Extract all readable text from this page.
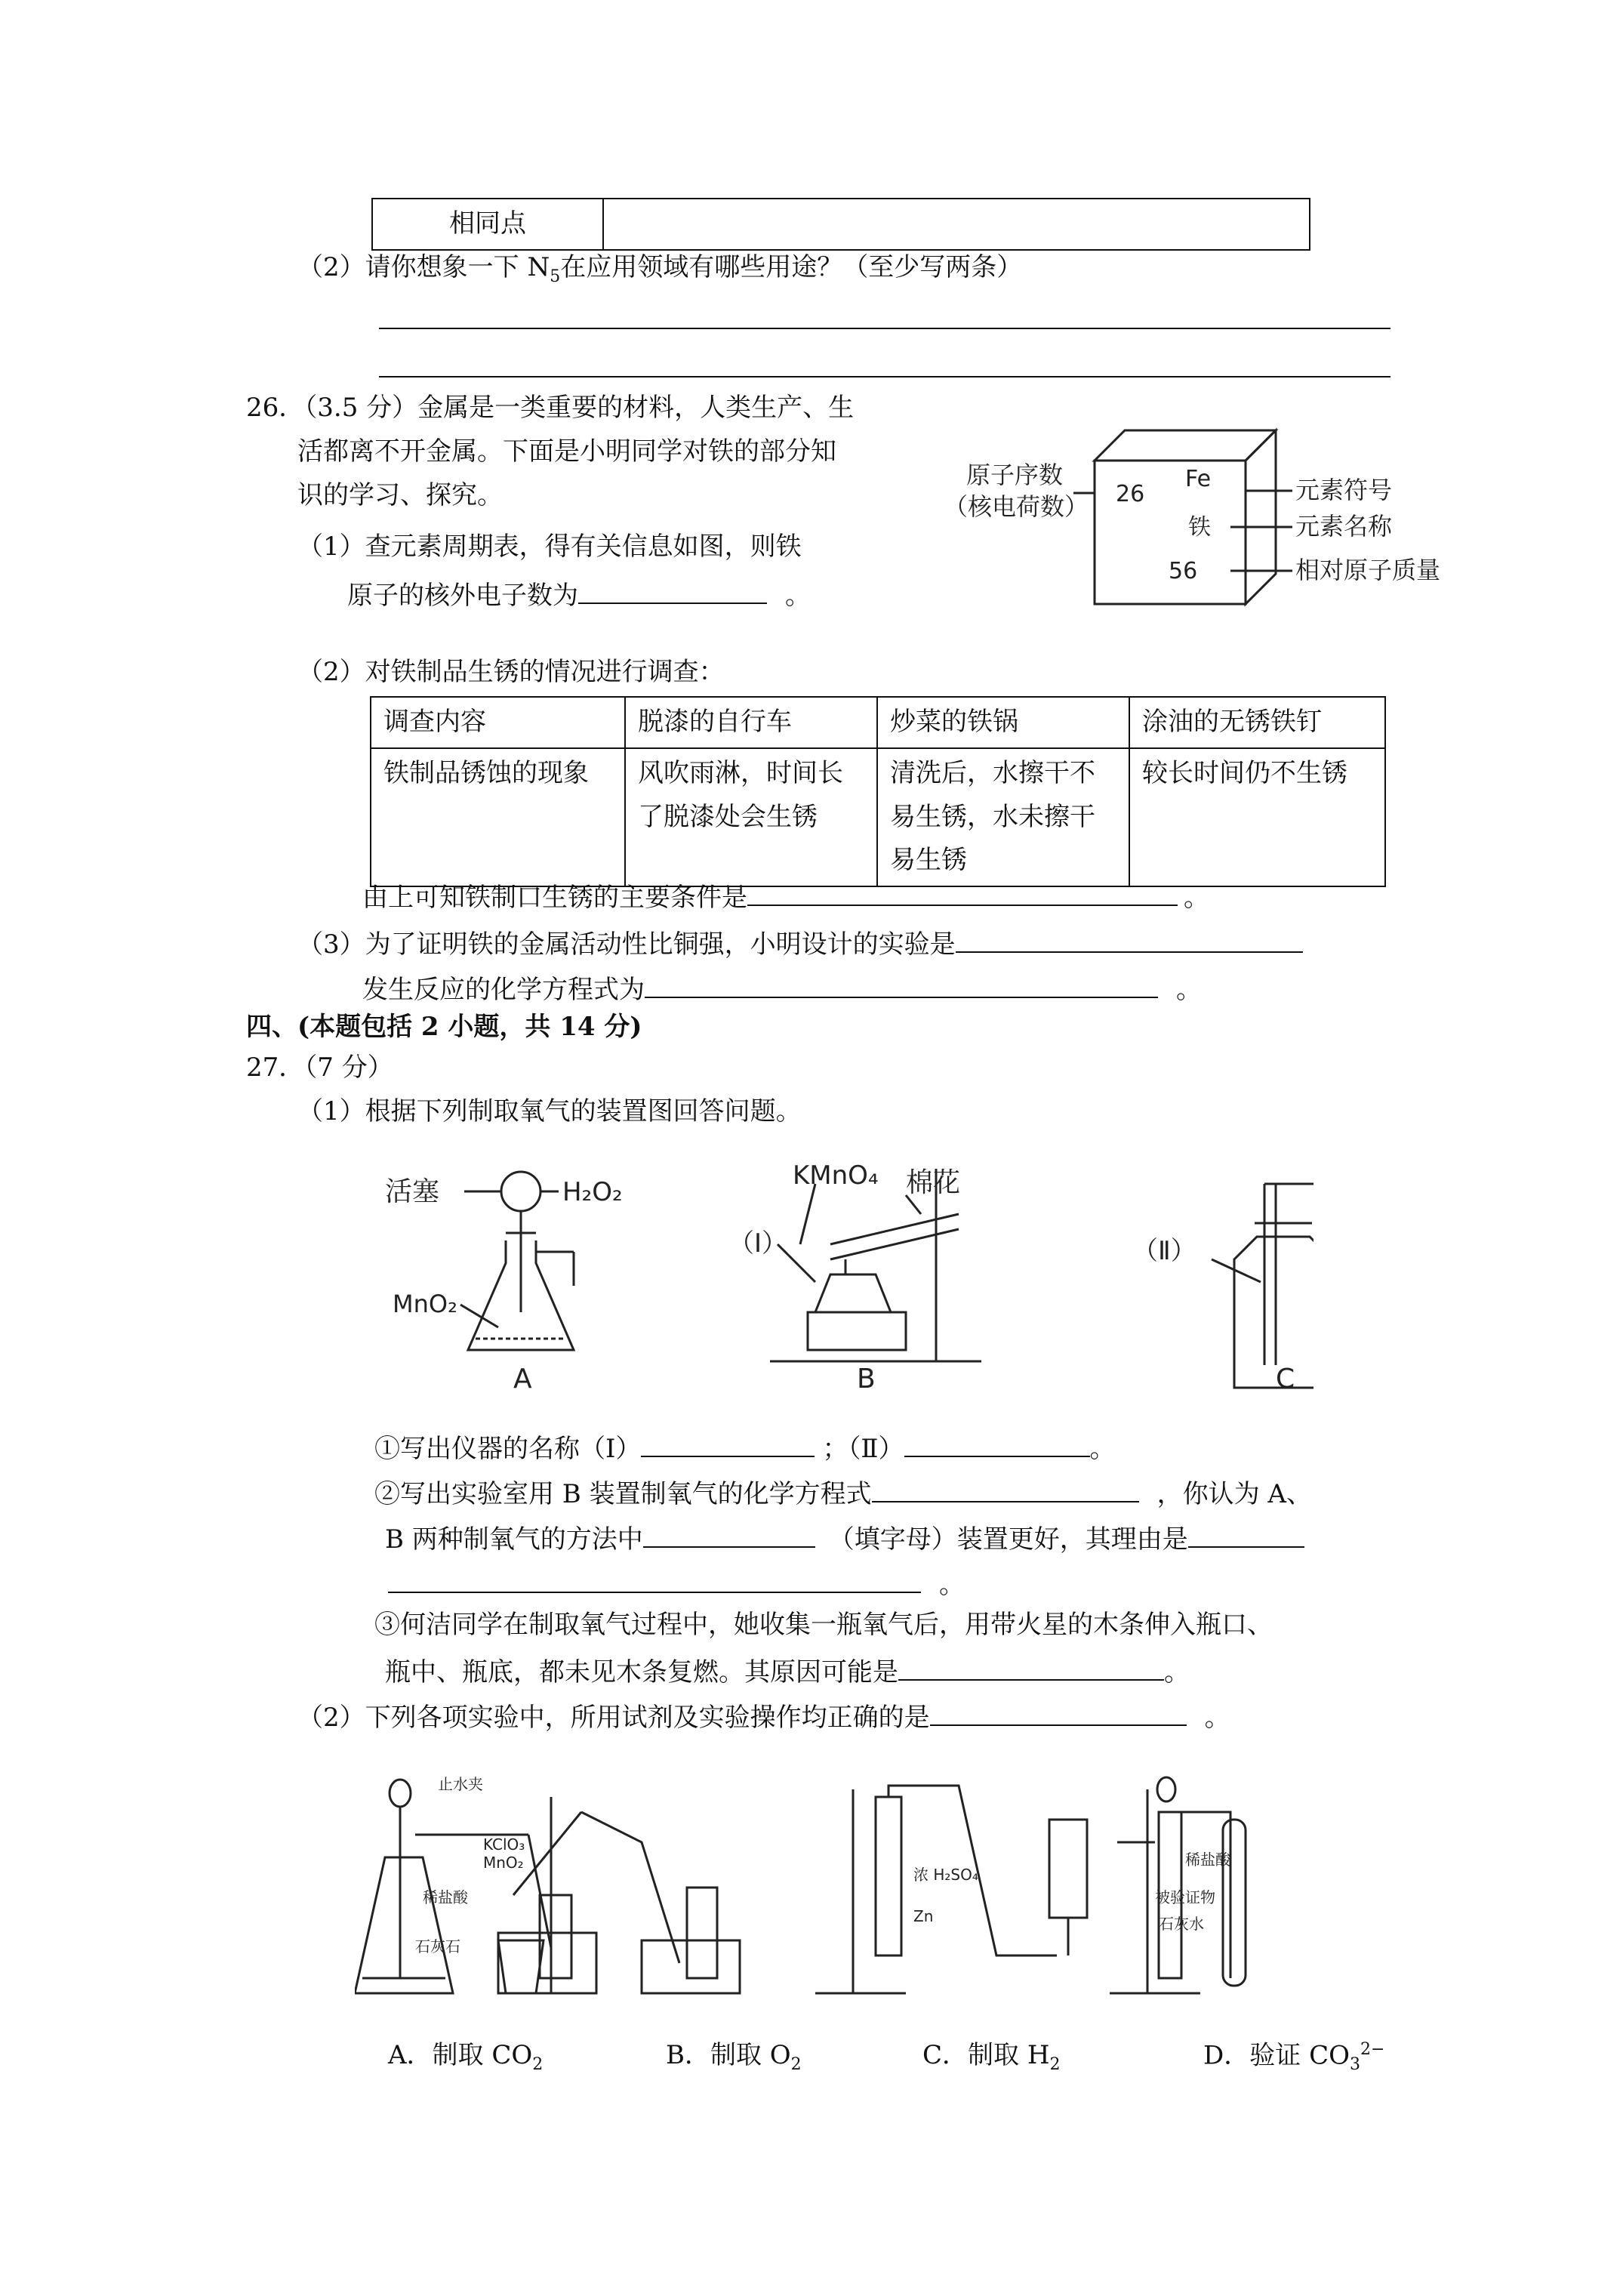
相同点	
（2）请你想象一下 $N_5$在应用领域有哪些用途？（至少写两条）
26．（3.5 分）金属是一类重要的材料，人类生产、生
活都离不开金属。下面是小明同学对铁的部分知
识的学习、探究。
（1）查元素周期表，得有关信息如图，则铁
原子的核外电子数为	。
原子序数
（核电荷数） 26
Fe
铁
56
元素符号
元素名称
相对原子质量
（2）对铁制品生锈的情况进行调查：
调查内容	脱漆的自行车	炒菜的铁锅	涂油的无锈铁钉
铁制品锈蚀的现象	风吹雨淋，时间长了脱漆处会生锈	清洗后，水擦干不易生锈，水未擦干易生锈	较长时间仍不生锈
由上可知铁制口生锈的主要条件是	。
（3）为了证明铁的金属活动性比铜强，小明设计的实验是
发生反应的化学方程式为	。
四、(本题包括 2 小题，共 14 分)
27．（7 分）
（1）根据下列制取氧气的装置图回答问题。
活塞	H₂O₂
MnO₂
A
KMnO₄ 棉花
（I）
B
（Ⅱ）
C
①写出仪器的名称（I）	；（Ⅱ）	。
②写出实验室用 B 装置制氧气的化学方程式	，你认为 A、
B 两种制氧气的方法中	（填字母）装置更好，其理由是
。
③何洁同学在制取氧气过程中，她收集一瓶氧气后，用带火星的木条伸入瓶口、
瓶中、瓶底，都未见木条复燃。其原因可能是	。
（2）下列各项实验中，所用试剂及实验操作均正确的是	。
止水夹
稀盐酸
石灰石
KClO₃
MnO₂
浓 H₂SO₄
Zn
稀盐酸
被验证物
石灰水
A．制取 $CO_2$	B．制取 $O_2$	C．制取 $H_2$	D．验证 $CO_3^{2-}$
